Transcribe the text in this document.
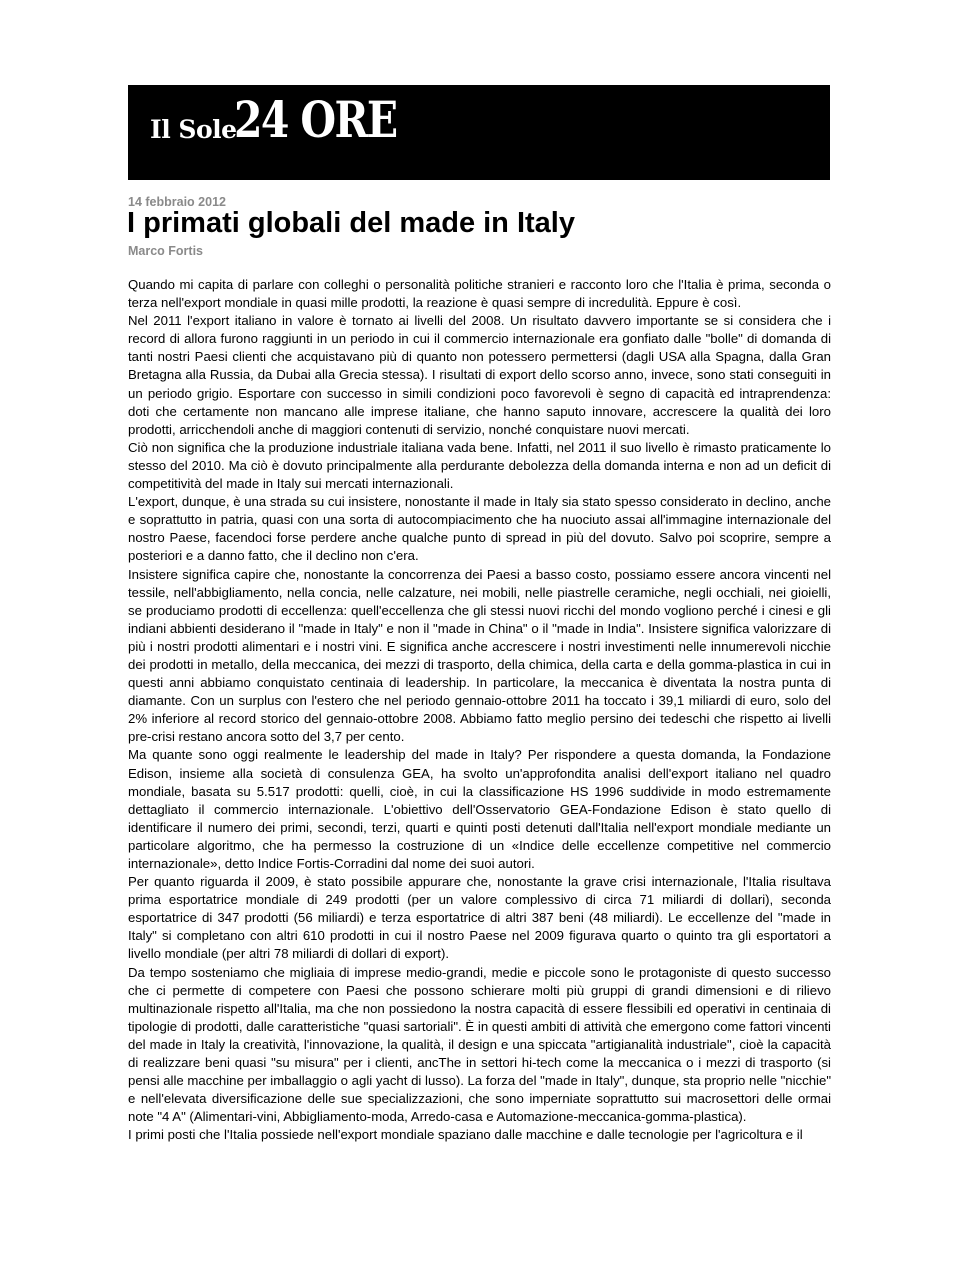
Il Sole
24 ORE
14 febbraio 2012
I primati globali del made in Italy
Marco Fortis

Quando mi capita di parlare con colleghi o personalità politiche stranieri e racconto loro che l'Italia è prima, seconda o terza nell'export mondiale in quasi mille prodotti, la reazione è quasi sempre di incredulità. Eppure è così.

Nel 2011 l'export italiano in valore è tornato ai livelli del 2008. Un risultato davvero importante se si considera che i record di allora furono raggiunti in un periodo in cui il commercio internazionale era gonfiato dalle "bolle" di domanda di tanti nostri Paesi clienti che acquistavano più di quanto non potessero permettersi (dagli USA alla Spagna, dalla Gran Bretagna alla Russia, da Dubai alla Grecia stessa). I risultati di export dello scorso anno, invece, sono stati conseguiti in un periodo grigio. Esportare con successo in simili condizioni poco favorevoli è segno di capacità ed intraprendenza: doti che certamente non mancano alle imprese italiane, che hanno saputo innovare, accrescere la qualità dei loro prodotti, arricchendoli anche di maggiori contenuti di servizio, nonché conquistare nuovi mercati.

Ciò non significa che la produzione industriale italiana vada bene. Infatti, nel 2011 il suo livello è rimasto praticamente lo stesso del 2010. Ma ciò è dovuto principalmente alla perdurante debolezza della domanda interna e non ad un deficit di competitività del made in Italy sui mercati internazionali.

L'export, dunque, è una strada su cui insistere, nonostante il made in Italy sia stato spesso considerato in declino, anche e soprattutto in patria, quasi con una sorta di autocompiacimento che ha nuociuto assai all'immagine internazionale del nostro Paese, facendoci forse perdere anche qualche punto di spread in più del dovuto. Salvo poi scoprire, sempre a posteriori e a danno fatto, che il declino non c'era.

Insistere significa capire che, nonostante la concorrenza dei Paesi a basso costo, possiamo essere ancora vincenti nel tessile, nell'abbigliamento, nella concia, nelle calzature, nei mobili, nelle piastrelle ceramiche, negli occhiali, nei gioielli, se produciamo prodotti di eccellenza: quell'eccellenza che gli stessi nuovi ricchi del mondo vogliono perché i cinesi e gli indiani abbienti desiderano il "made in Italy" e non il "made in China" o il "made in India". Insistere significa valorizzare di più i nostri prodotti alimentari e i nostri vini. E significa anche accrescere i nostri investimenti nelle innumerevoli nicchie dei prodotti in metallo, della meccanica, dei mezzi di trasporto, della chimica, della carta e della gomma-plastica in cui in questi anni abbiamo conquistato centinaia di leadership. In particolare, la meccanica è diventata la nostra punta di diamante. Con un surplus con l'estero che nel periodo gennaio-ottobre 2011 ha toccato i 39,1 miliardi di euro, solo del 2% inferiore al record storico del gennaio-ottobre 2008. Abbiamo fatto meglio persino dei tedeschi che rispetto ai livelli pre-crisi restano ancora sotto del 3,7 per cento.

Ma quante sono oggi realmente le leadership del made in Italy? Per rispondere a questa domanda, la Fondazione Edison, insieme alla società di consulenza GEA, ha svolto un'approfondita analisi dell'export italiano nel quadro mondiale, basata su 5.517 prodotti: quelli, cioè, in cui la classificazione HS 1996 suddivide in modo estremamente dettagliato il commercio internazionale. L'obiettivo dell'Osservatorio GEA-Fondazione Edison è stato quello di identificare il numero dei primi, secondi, terzi, quarti e quinti posti detenuti dall'Italia nell'export mondiale mediante un particolare algoritmo, che ha permesso la costruzione di un «Indice delle eccellenze competitive nel commercio internazionale», detto Indice Fortis-Corradini dal nome dei suoi autori.

Per quanto riguarda il 2009, è stato possibile appurare che, nonostante la grave crisi internazionale, l'Italia risultava prima esportatrice mondiale di 249 prodotti (per un valore complessivo di circa 71 miliardi di dollari), seconda esportatrice di 347 prodotti (56 miliardi) e terza esportatrice di altri 387 beni (48 miliardi). Le eccellenze del "made in Italy" si completano con altri 610 prodotti in cui il nostro Paese nel 2009 figurava quarto o quinto tra gli esportatori a livello mondiale (per altri 78 miliardi di dollari di export).

Da tempo sosteniamo che migliaia di imprese medio-grandi, medie e piccole sono le protagoniste di questo successo che ci permette di competere con Paesi che possono schierare molti più gruppi di grandi dimensioni e di rilievo multinazionale rispetto all'Italia, ma che non possiedono la nostra capacità di essere flessibili ed operativi in centinaia di tipologie di prodotti, dalle caratteristiche "quasi sartoriali". È in questi ambiti di attività che emergono come fattori vincenti del made in Italy la creatività, l'innovazione, la qualità, il design e una spiccata "artigianalità industriale", cioè la capacità di realizzare beni quasi "su misura" per i clienti, ancThe in settori hi-tech come la meccanica o i mezzi di trasporto (si pensi alle macchine per imballaggio o agli yacht di lusso). La forza del "made in Italy", dunque, sta proprio nelle "nicchie" e nell'elevata diversificazione delle sue specializzazioni, che sono imperniate soprattutto sui macrosettori delle ormai note "4 A" (Alimentari-vini, Abbigliamento-moda, Arredo-casa e Automazione-meccanica-gomma-plastica).

I primi posti che l'Italia possiede nell'export mondiale spaziano dalle macchine e dalle tecnologie per l'agricoltura e il
